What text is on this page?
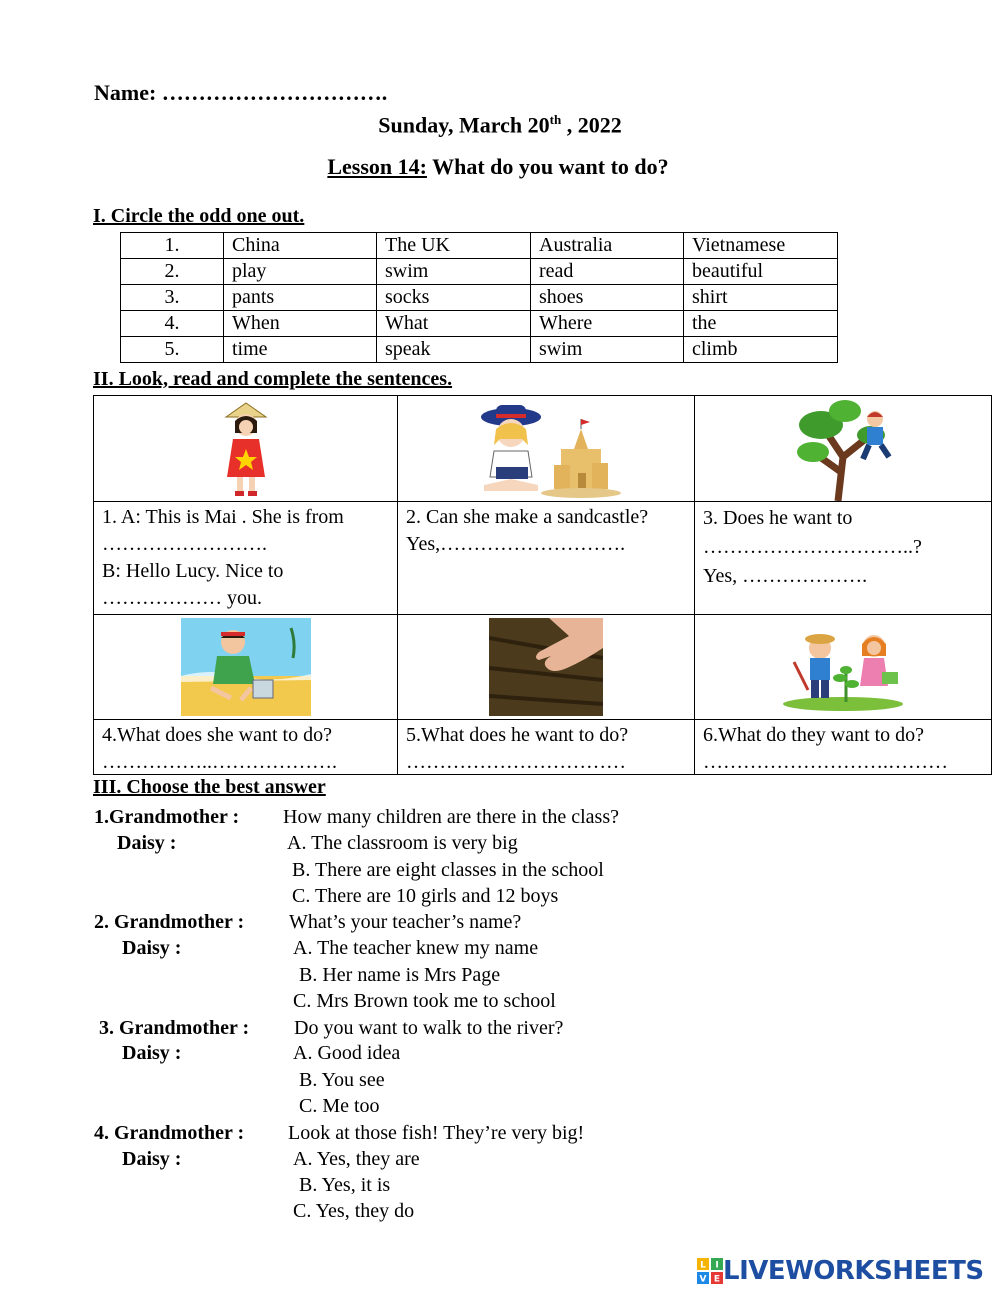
Name: ………………………….
Sunday, March 20th , 2022
Lesson 14: What do you want to do?
I. Circle the odd one out.
1.	China	The UK	Australia	Vietnamese
2.	play	swim	read	beautiful
3.	pants	socks	shoes	shirt
4.	When	What	Where	the
5.	time	speak	swim	climb
II. Look, read and complete the sentences.
1. A: This is Mai . She is from
…………………….
B: Hello Lucy. Nice to
……………… you.
2. Can she make a sandcastle?
Yes,……………………….
3. Does he want to
…………………………..?
Yes, ……………….
4.What does she want to do?
……………..……………….
5.What does he want to do?
……………………………
6.What do they want to do?
……………………….………
III. Choose the best answer
1.Grandmother : How many children are there in the class?
Daisy :	A. The classroom is very big
B. There are eight classes in the school
C. There are 10 girls and 12 boys
2. Grandmother : What’s your teacher’s name?
Daisy :	A. The teacher knew my name
B. Her name is Mrs Page
C. Mrs Brown took me to school
3. Grandmother : Do you want to walk to the river?
Daisy :	A. Good idea
B. You see
C. Me too
4. Grandmother : Look at those fish! They’re very big!
Daisy :	A. Yes, they are
B. Yes, it is
C. Yes, they do
L I
V E LIVEWORKSHEETS
